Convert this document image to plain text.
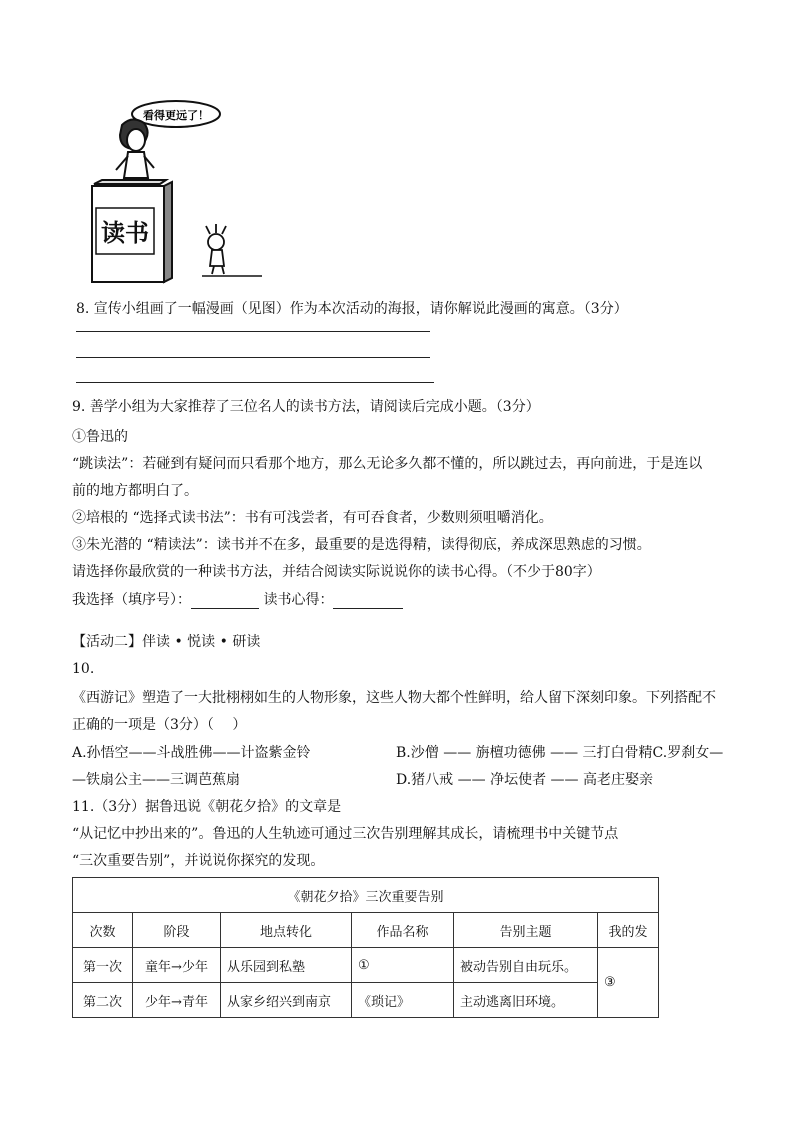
看得更远了！
读书
8. 宣传小组画了一幅漫画（见图）作为本次活动的海报，请你解说此漫画的寓意。（3分）
9. 善学小组为大家推荐了三位名人的读书方法，请阅读后完成小题。（3分）
①鲁迅的
“跳读法”：若碰到有疑问而只看那个地方，那么无论多久都不懂的，所以跳过去，再向前进，于是连以
前的地方都明白了。
②培根的 “选择式读书法”：书有可浅尝者，有可吞食者，少数则须咀嚼消化。
③朱光潜的 “精读法”：读书并不在多，最重要的是选得精，读得彻底，养成深思熟虑的习惯。
请选择你最欣赏的一种读书方法，并结合阅读实际说说你的读书心得。（不少于80字）
我选择（填序号）：	读书心得：
【活动二】伴读 • 悦读 • 研读
10.
《西游记》塑造了一大批栩栩如生的人物形象，这些人物大都个性鲜明，给人留下深刻印象。下列搭配不
正确的一项是（3分）（　 ）
A.孙悟空——斗战胜佛——计盗紫金铃	B.沙僧 —— 旃檀功德佛 —— 三打白骨精C.罗刹女—
—铁扇公主——三调芭蕉扇	D.猪八戒 —— 净坛使者 —— 高老庄娶亲
11.（3分）据鲁迅说《朝花夕拾》的文章是
“从记忆中抄出来的”。鲁迅的人生轨迹可通过三次告别理解其成长，请梳理书中关键节点
“三次重要告别”，并说说你探究的发现。
《朝花夕拾》三次重要告别					
次数	阶段	地点转化	作品名称	告别主题	我的发
第一次	童年→少年	从乐园到私塾	①	被动告别自由玩乐。	③
第二次	少年→青年	从家乡绍兴到南京	《琐记》	主动逃离旧环境。	
